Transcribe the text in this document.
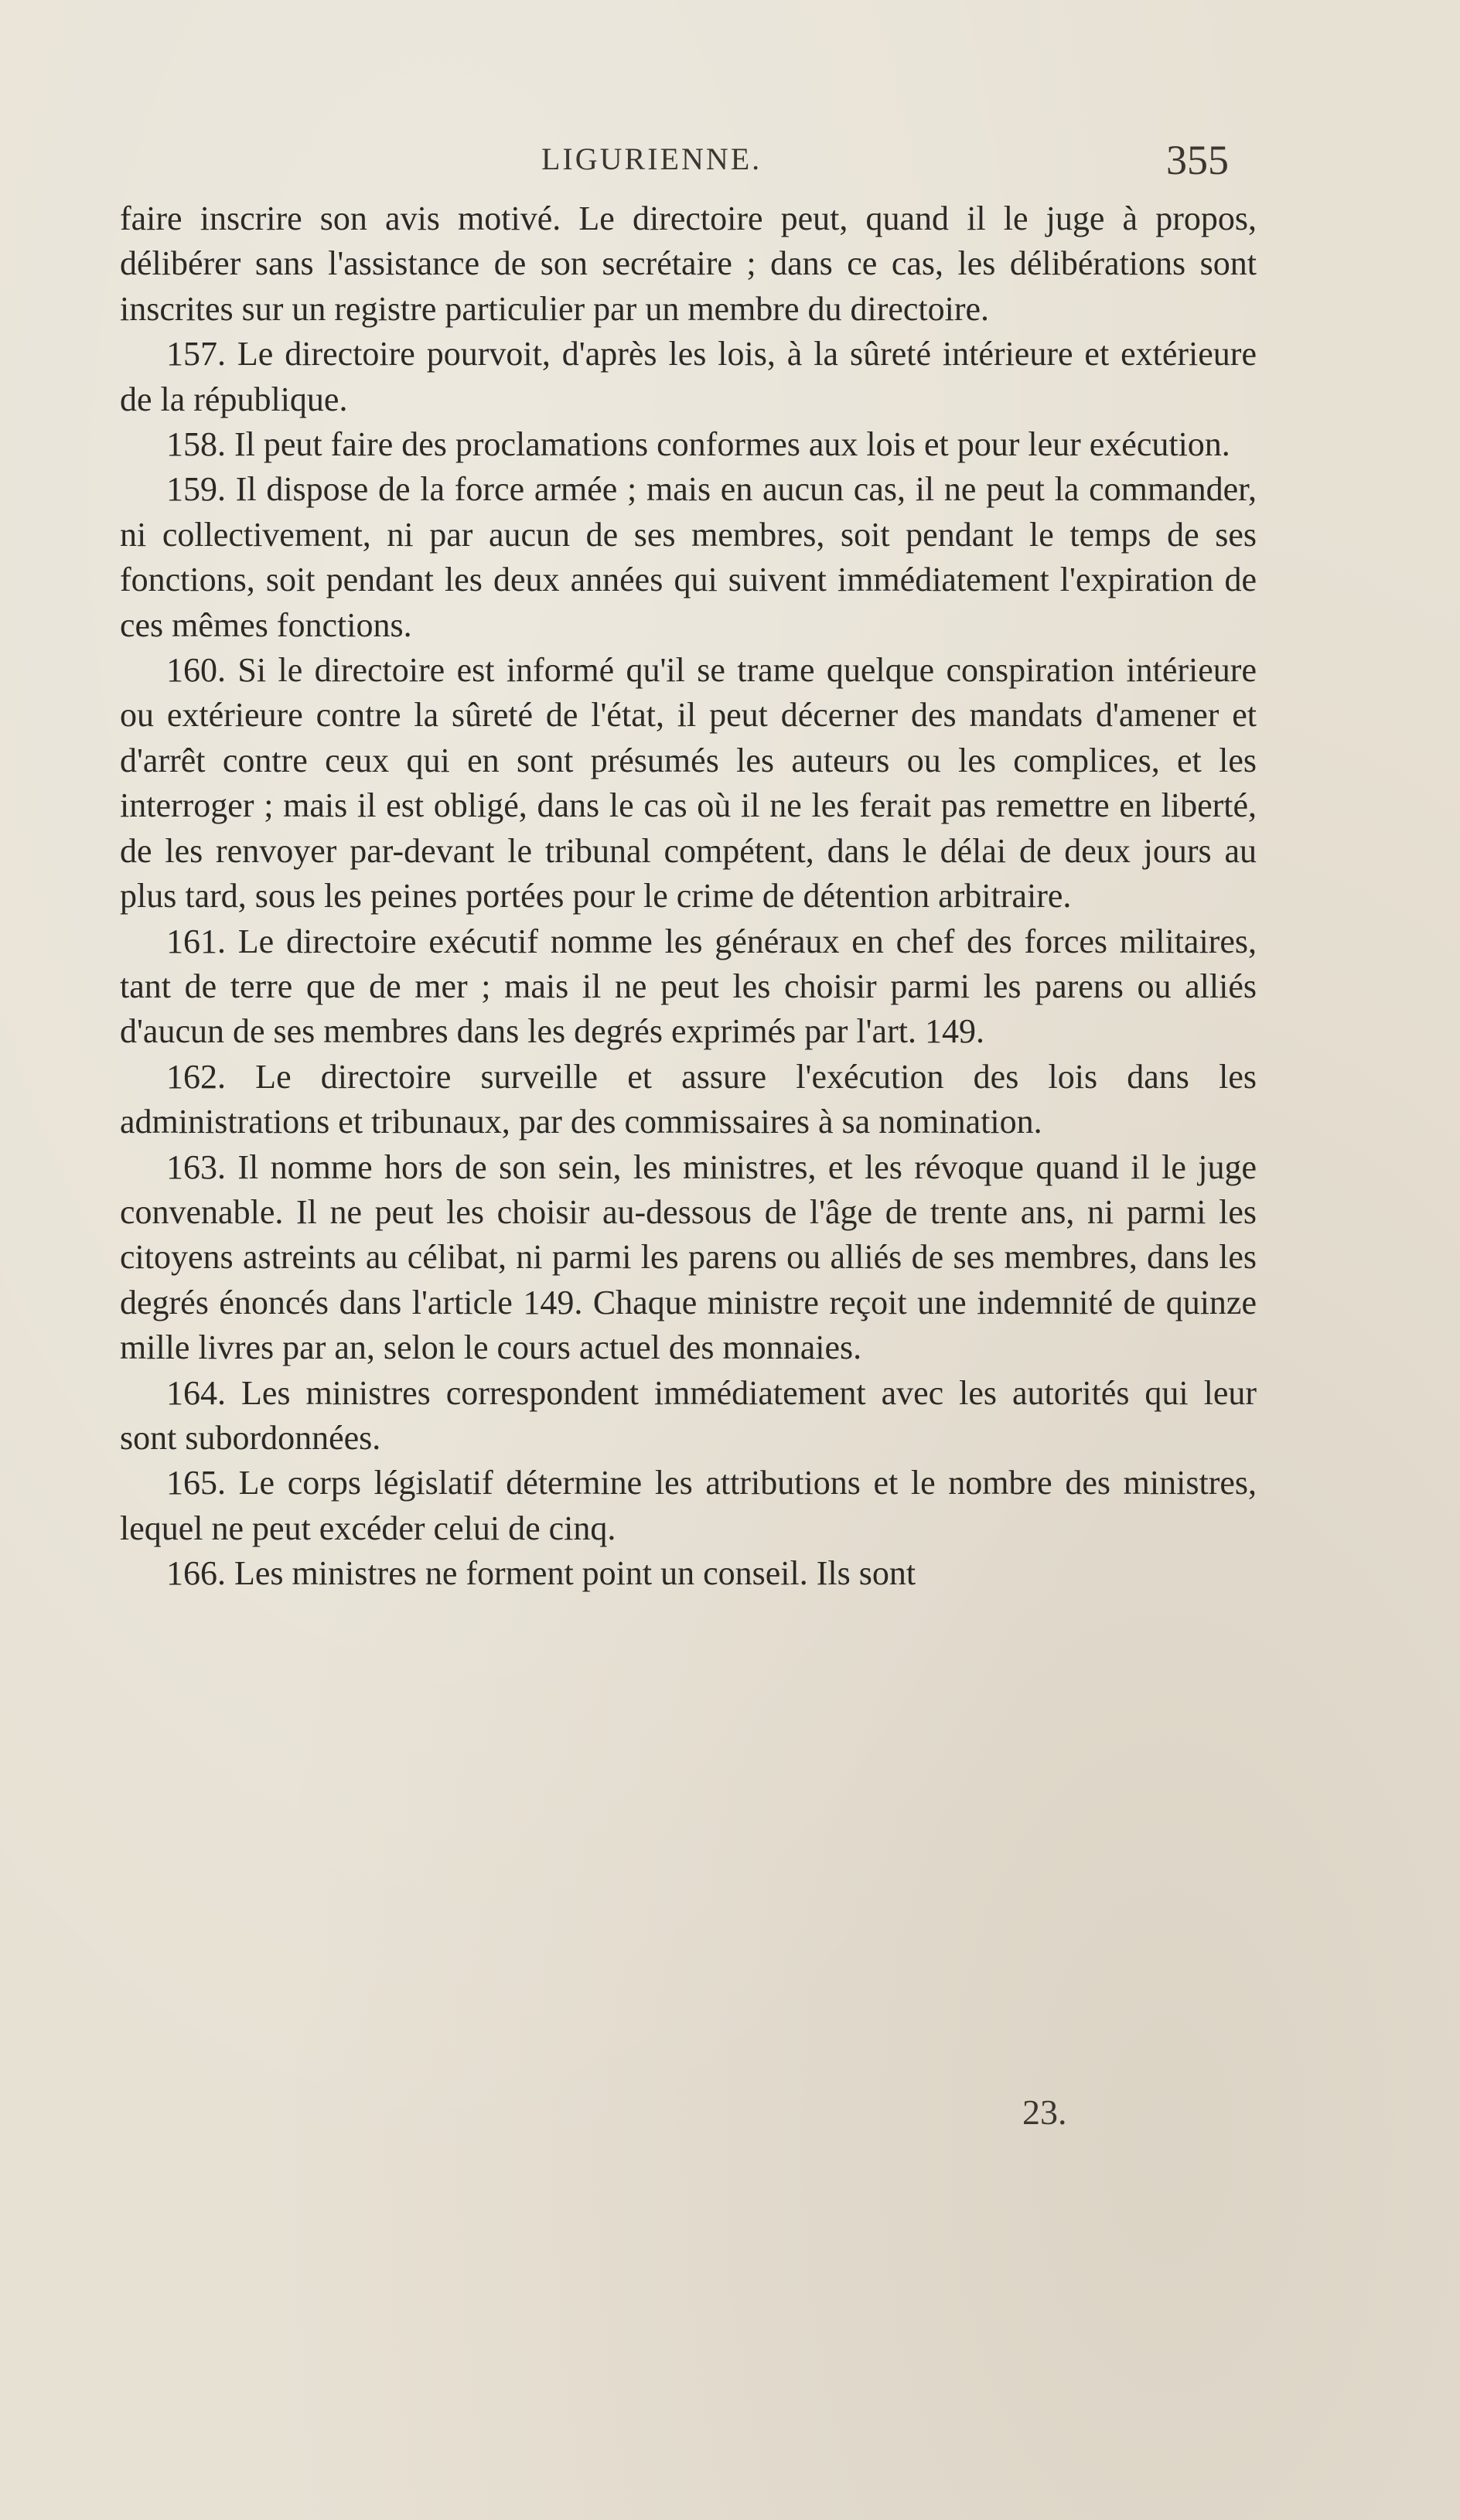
LIGURIENNE.	355

faire inscrire son avis motivé. Le directoire peut, quand il le juge à propos, délibérer sans l'assistance de son secrétaire ; dans ce cas, les délibérations sont inscrites sur un registre particulier par un membre du directoire.

157. Le directoire pourvoit, d'après les lois, à la sûreté intérieure et extérieure de la république.

158. Il peut faire des proclamations conformes aux lois et pour leur exécution.

159. Il dispose de la force armée ; mais en aucun cas, il ne peut la commander, ni collectivement, ni par aucun de ses membres, soit pendant le temps de ses fonctions, soit pendant les deux années qui suivent immédiatement l'expiration de ces mêmes fonctions.

160. Si le directoire est informé qu'il se trame quelque conspiration intérieure ou extérieure contre la sûreté de l'état, il peut décerner des mandats d'amener et d'arrêt contre ceux qui en sont présumés les auteurs ou les complices, et les interroger ; mais il est obligé, dans le cas où il ne les ferait pas remettre en liberté, de les renvoyer par-devant le tribunal compétent, dans le délai de deux jours au plus tard, sous les peines portées pour le crime de détention arbitraire.

161. Le directoire exécutif nomme les généraux en chef des forces militaires, tant de terre que de mer ; mais il ne peut les choisir parmi les parens ou alliés d'aucun de ses membres dans les degrés exprimés par l'art. 149.

162. Le directoire surveille et assure l'exécution des lois dans les administrations et tribunaux, par des commissaires à sa nomination.

163. Il nomme hors de son sein, les ministres, et les révoque quand il le juge convenable. Il ne peut les choisir au-dessous de l'âge de trente ans, ni parmi les citoyens astreints au célibat, ni parmi les parens ou alliés de ses membres, dans les degrés énoncés dans l'article 149. Chaque ministre reçoit une indemnité de quinze mille livres par an, selon le cours actuel des monnaies.

164. Les ministres correspondent immédiatement avec les autorités qui leur sont subordonnées.

165. Le corps législatif détermine les attributions et le nombre des ministres, lequel ne peut excéder celui de cinq.

166. Les ministres ne forment point un conseil. Ils sont

23.
